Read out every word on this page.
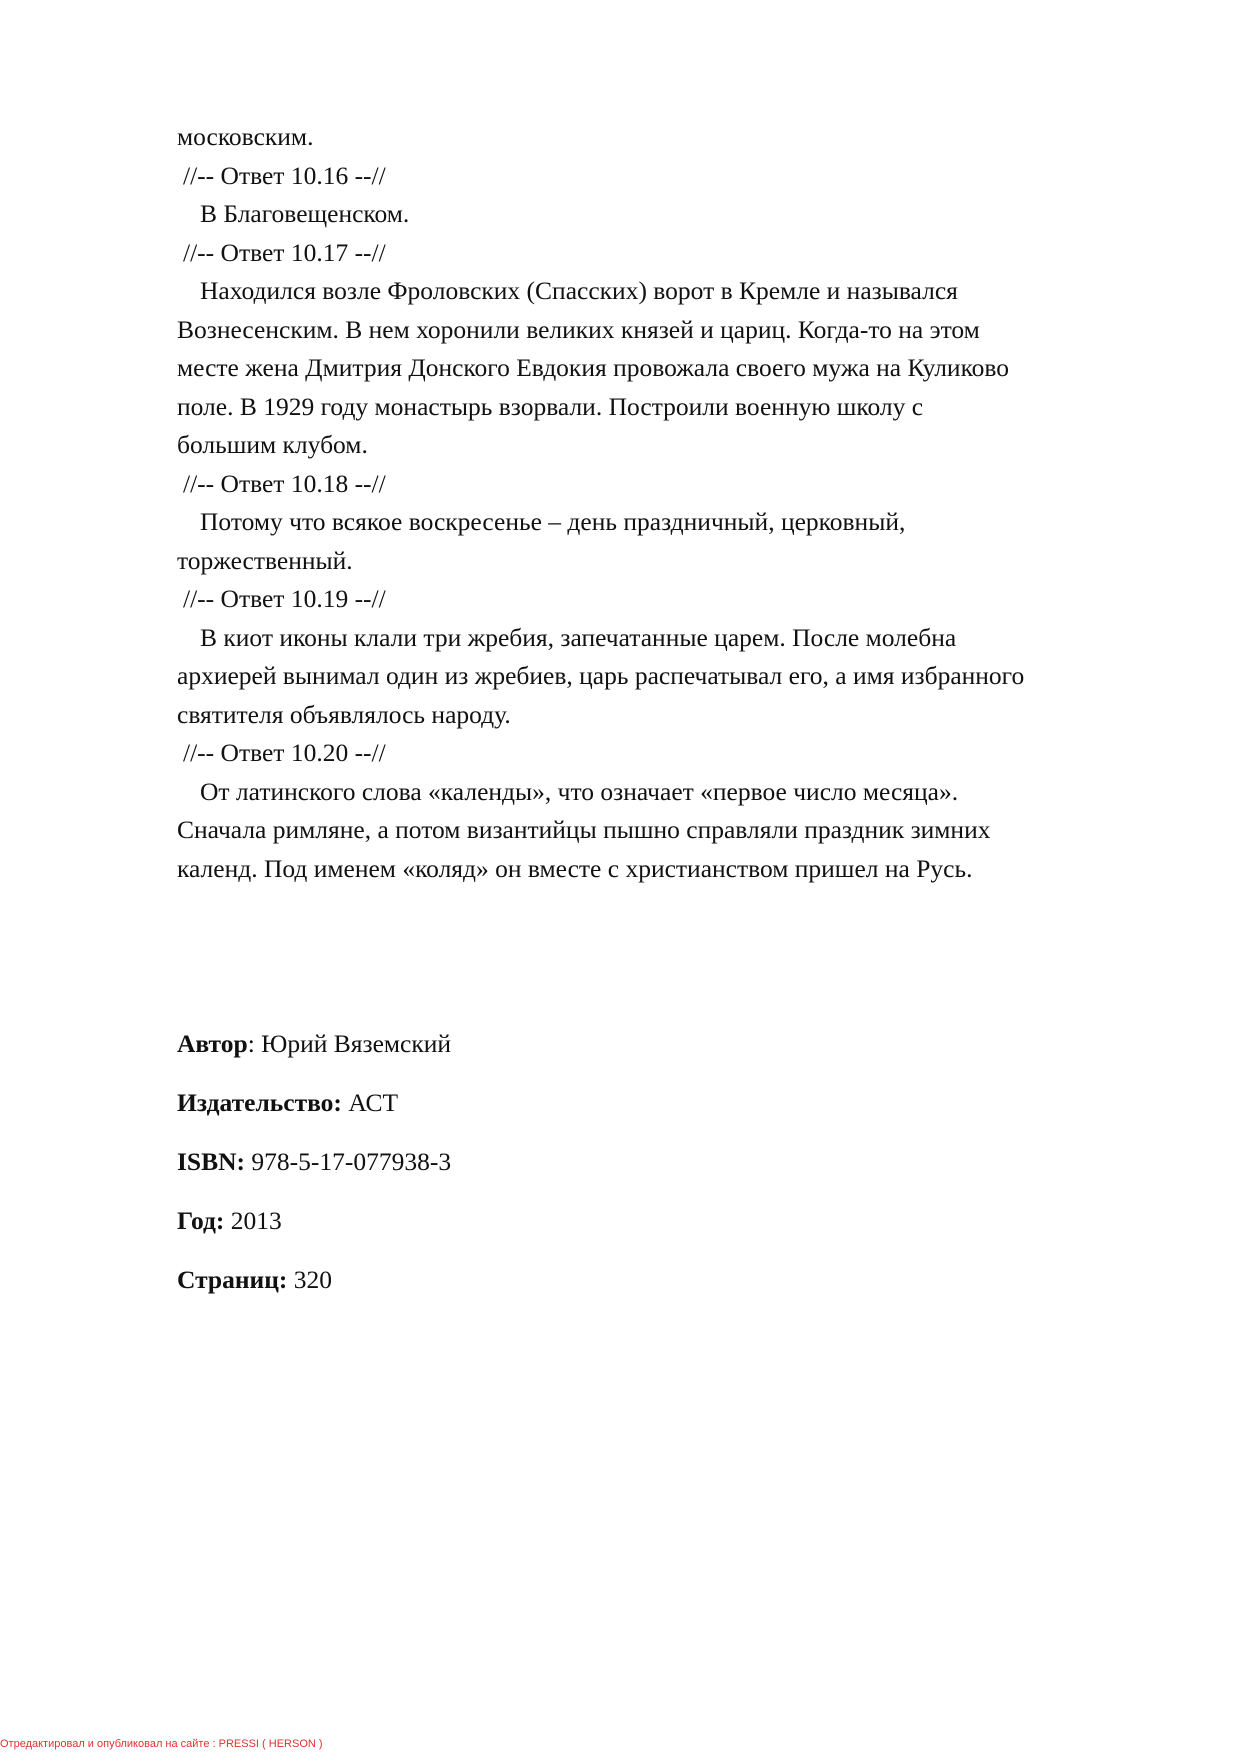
московским.
//-- Ответ 10.16 --//
В Благовещенском.
//-- Ответ 10.17 --//
Находился возле Фроловских (Спасских) ворот в Кремле и назывался
Вознесенским. В нем хоронили великих князей и цариц. Когда-то на этом
месте жена Дмитрия Донского Евдокия провожала своего мужа на Куликово
поле. В 1929 году монастырь взорвали. Построили военную школу с
большим клубом.
//-- Ответ 10.18 --//
Потому что всякое воскресенье – день праздничный, церковный,
торжественный.
//-- Ответ 10.19 --//
В киот иконы клали три жребия, запечатанные царем. После молебна
архиерей вынимал один из жребиев, царь распечатывал его, а имя избранного
святителя объявлялось народу.
//-- Ответ 10.20 --//
От латинского слова «календы», что означает «первое число месяца».
Сначала римляне, а потом византийцы пышно справляли праздник зимних
календ. Под именем «коляд» он вместе с христианством пришел на Русь.
Автор: Юрий Вяземский
Издательство: АСТ
ISBN: 978-5-17-077938-3
Год: 2013
Страниц: 320
Отредактировал и опубликовал на сайте : PRESSI ( HERSON )
